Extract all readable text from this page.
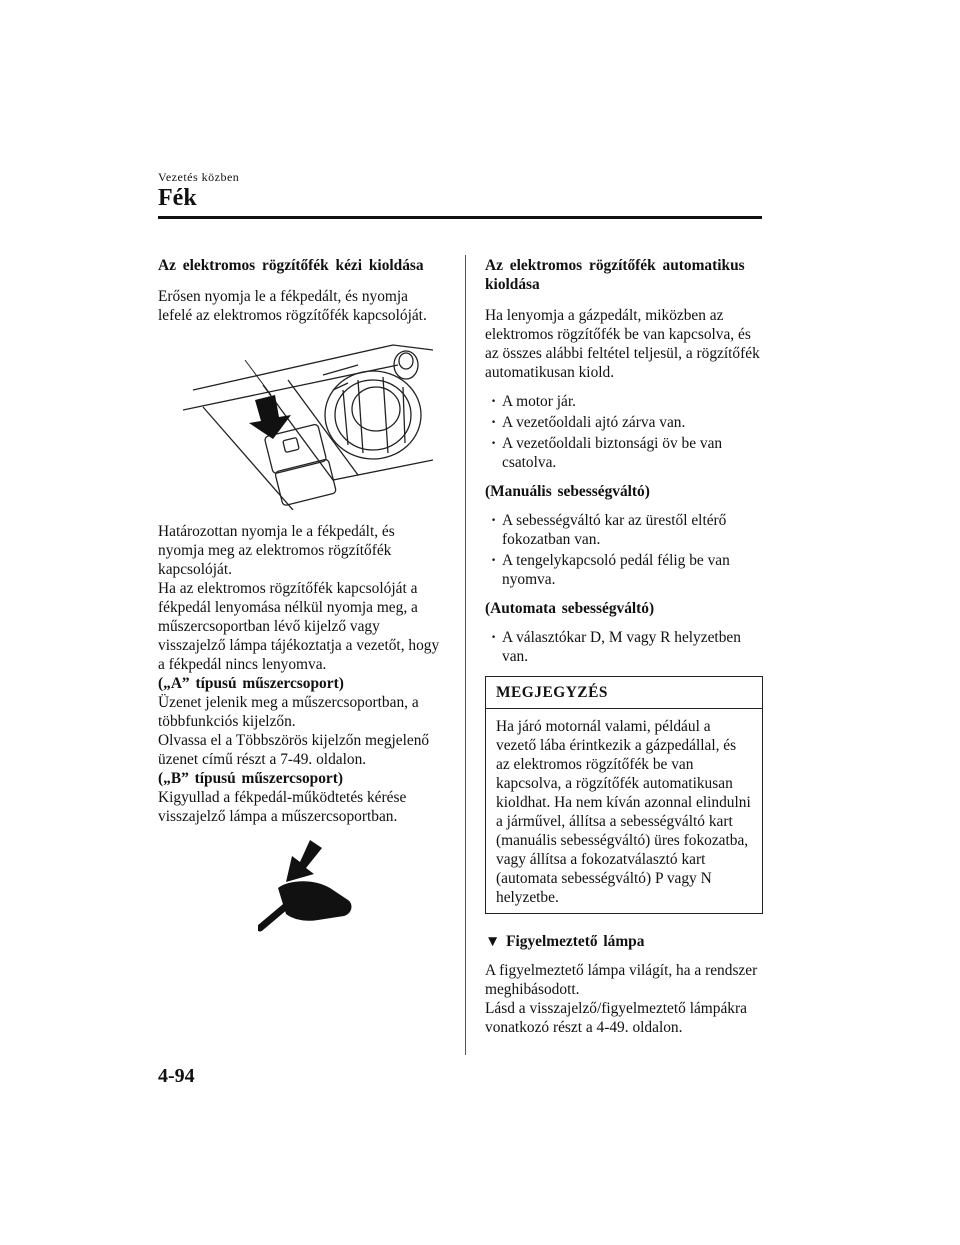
Vezetés közben
Fék
Az elektromos rögzítőfék kézi kioldása

Erősen nyomja le a fékpedált, és nyomja lefelé az elektromos rögzítőfék kapcsolóját.

Határozottan nyomja le a fékpedált, és nyomja meg az elektromos rögzítőfék kapcsolóját.

Ha az elektromos rögzítőfék kapcsolóját a fékpedál lenyomása nélkül nyomja meg, a műszercsoportban lévő kijelző vagy visszajelző lámpa tájékoztatja a vezetőt, hogy a fékpedál nincs lenyomva.

(„A” típusú műszercsoport)

Üzenet jelenik meg a műszercsoportban, a többfunkciós kijelzőn.

Olvassa el a Többszörös kijelzőn megjelenő üzenet című részt a 7-49. oldalon.

(„B” típusú műszercsoport)

Kigyullad a fékpedál-működtetés kérése visszajelző lámpa a műszercsoportban.

Az elektromos rögzítőfék automatikus kioldása

Ha lenyomja a gázpedált, miközben az elektromos rögzítőfék be van kapcsolva, és az összes alábbi feltétel teljesül, a rögzítőfék automatikusan kiold.

· A motor jár.
· A vezetőoldali ajtó zárva van.
· A vezetőoldali biztonsági öv be van csatolva.
(Manuális sebességváltó)
· A sebességváltó kar az ürestől eltérő fokozatban van.
· A tengelykapcsoló pedál félig be van nyomva.
(Automata sebességváltó)
· A választókar D, M vagy R helyzetben van.
MEGJEGYZÉS
Ha járó motornál valami, például a vezető lába érintkezik a gázpedállal, és az elektromos rögzítőfék be van kapcsolva, a rögzítőfék automatikusan kioldhat. Ha nem kíván azonnal elindulni a járművel, állítsa a sebességváltó kart (manuális sebességváltó) üres fokozatba, vagy állítsa a fokozatválasztó kart (automata sebességváltó) P vagy N helyzetbe.
▼ Figyelmeztető lámpa

A figyelmeztető lámpa világít, ha a rendszer meghibásodott.

Lásd a visszajelző/figyelmeztető lámpákra vonatkozó részt a 4-49. oldalon.

4-94
